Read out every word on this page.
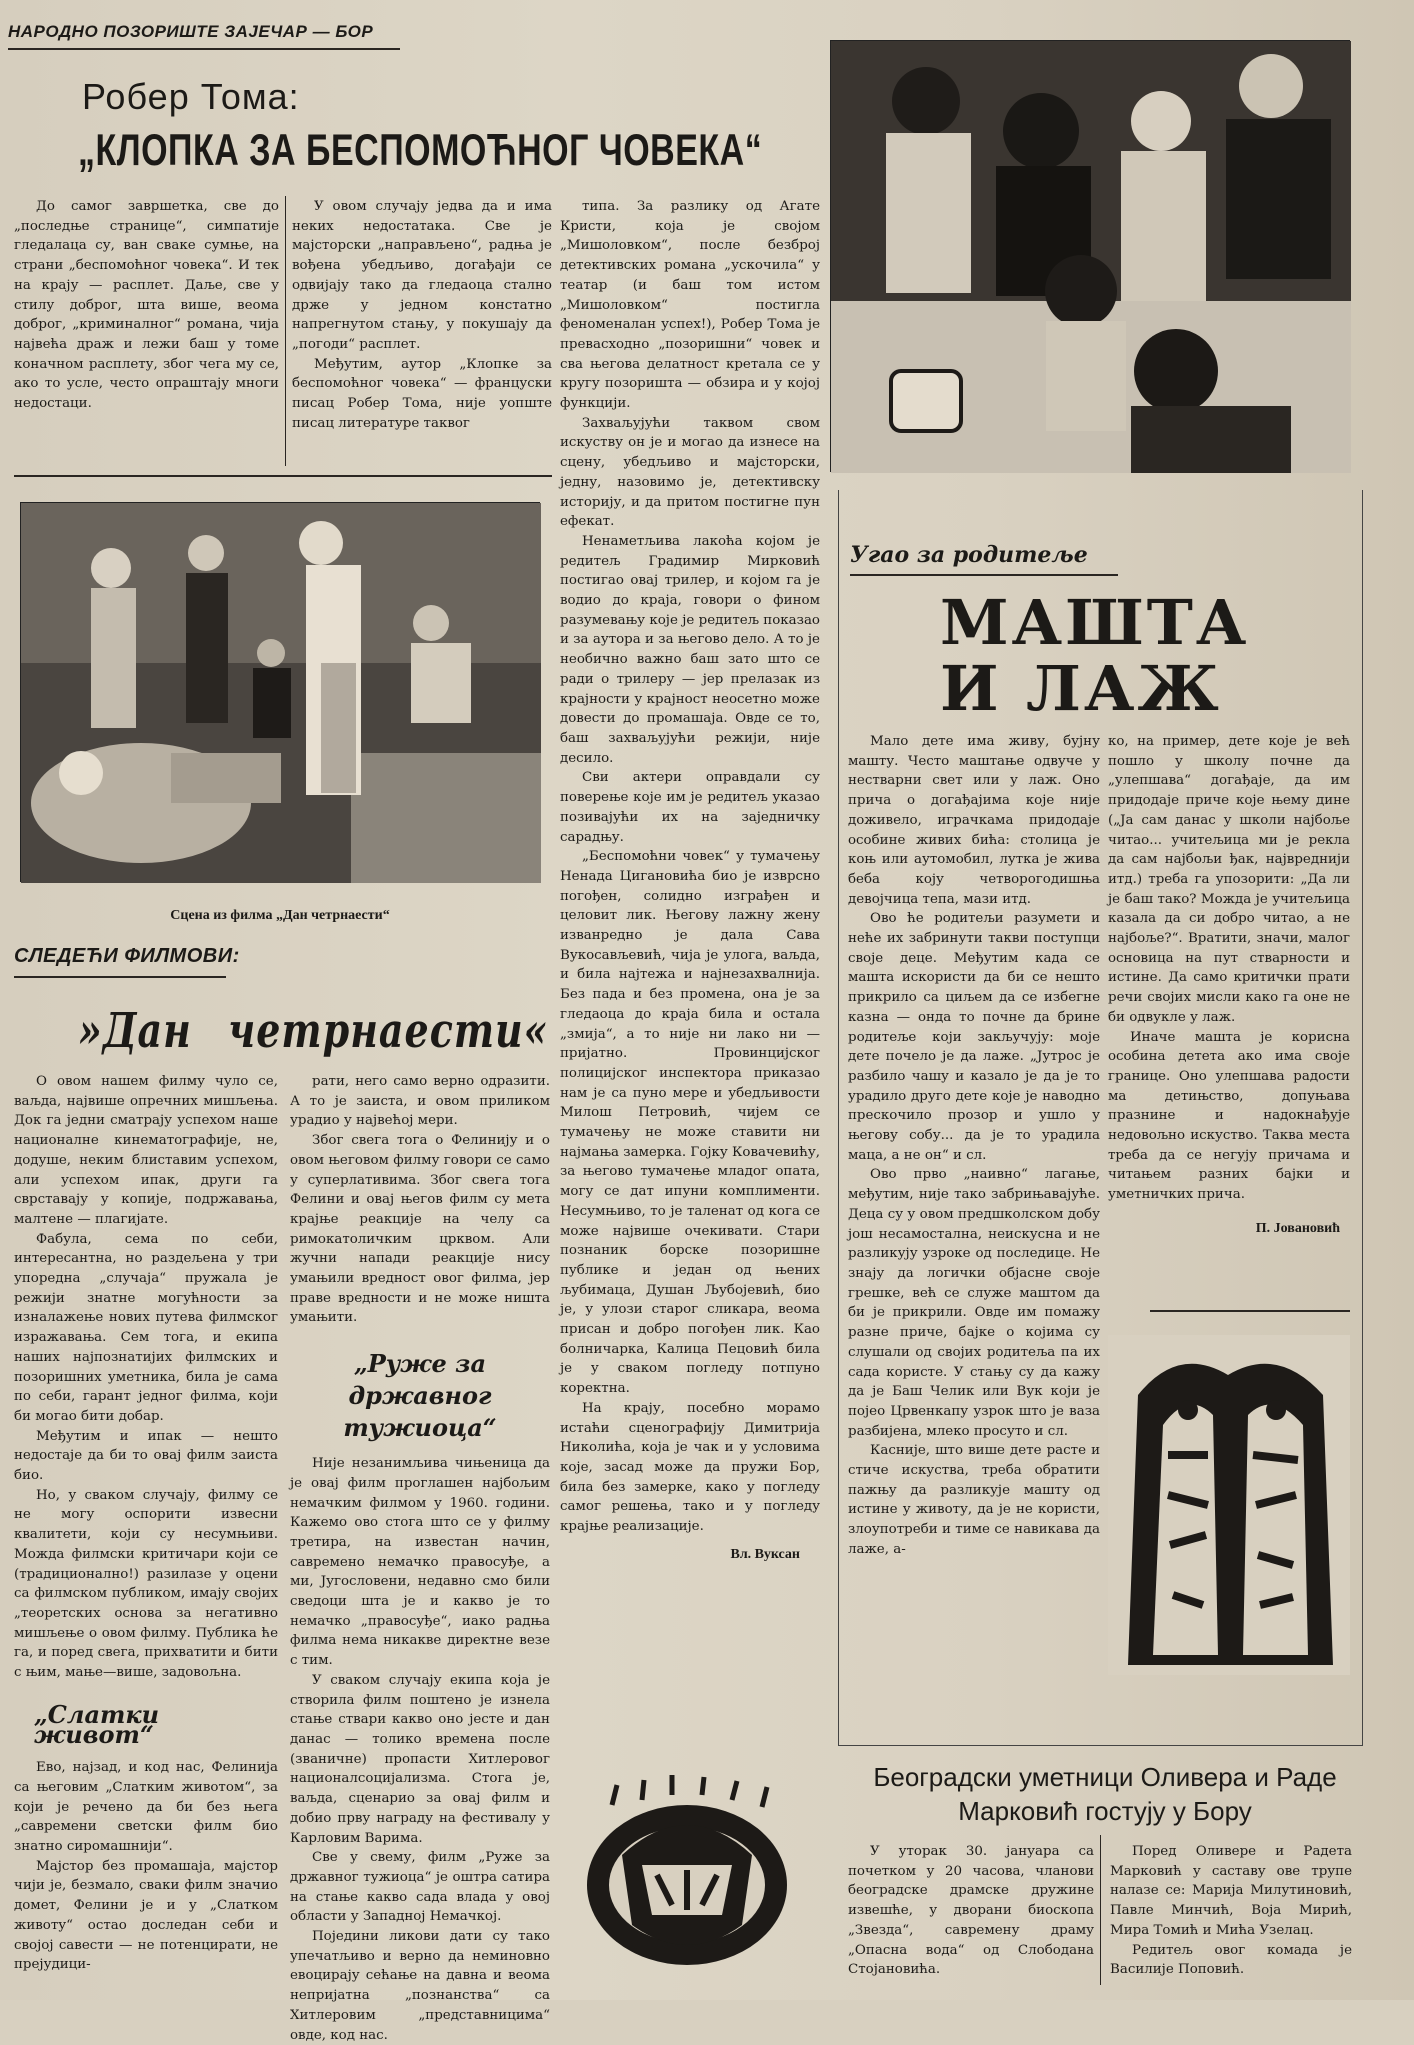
НАРОДНО ПОЗОРИШТЕ ЗАЈЕЧАР — БОР
Робер Тома:
„КЛОПКА ЗА БЕСПОМОЋНОГ ЧОВЕКА“

До самог завршетка, све до „последње странице“, симпатије гледалаца су, ван сваке сумње, на страни „беспомоћног човека“. И тек на крају — расплет. Даље, све у стилу доброг, шта више, веома доброг, „криминалног“ романа, чија највећа драж и лежи баш у томе коначном расплету, због чега му се, ако то усле, често опраштају многи недостаци.

У овом случају једва да и има неких недостатака. Све је мајсторски „направљено“, радња је вођена убедљиво, догађаји се одвијају тако да гледаоца стално држе у једном констатно напрегнутом стању, у покушају да „погоди“ расплет.

Међутим, аутор „Клопке за беспомоћног човека“ — француски писац Робер Тома, није уопште писац литературе таквог

типа. За разлику од Агате Кристи, која је својом „Мишоловком“, после безброј детективских романа „ускочила“ у театар (и баш том истом „Мишоловком“ постигла феноменалан успех!), Робер Тома је превасходно „позоришни“ човек и сва његова делатност кретала се у кругу позоришта — обзира и у којој функцији.

Захваљујући таквом свом искуству он је и могао да изнесе на сцену, убедљиво и мајсторски, једну, назовимо је, детективску историју, и да притом постигне пун ефекат.

Ненаметљива лакоћа којом је редитељ Градимир Мирковић постигао овај трилер, и којом га је водио до краја, говори о фином разумевању које је редитељ показао и за аутора и за његово дело. А то је необично важно баш зато што се ради о трилеру — јер прелазак из крајности у крајност неосетно може довести до промашаја. Овде се то, баш захваљујући режији, није десило.

Сви актери оправдали су поверење које им је редитељ указао позивајући их на заједничку сарадњу.

„Беспомоћни човек“ у тумачењу Ненада Цигановића био је изврсно погођен, солидно изграђен и целовит лик. Његову лажну жену изванредно је дала Сава Вукосављевић, чија је улога, ваљда, и била најтежа и најнезахвалнија. Без пада и без промена, она је за гледаоца до краја била и остала „змија“, а то није ни лако ни — пријатно. Провинцијског полицијског инспектора приказао нам је са пуно мере и убедљивости Милош Петровић, чијем се тумачењу не може ставити ни најмања замерка. Гојку Ковачевићу, за његово тумачење младог опата, могу се дат ипуни комплименти. Несумњиво, то је таленат од кога се може највише очекивати. Стари познаник борске позоришне публике и један од њених љубимаца, Душан Љубојевић, био је, у улози старог сликара, веома присан и добро погођен лик. Као болничарка, Калица Пецовић била је у сваком погледу потпуно коректна.

На крају, посебно морамо истаћи сценографију Димитрија Николића, која је чак и у условима које, засад може да пружи Бор, била без замерке, како у погледу самог решења, тако и у погледу крајње реализације.

Вл. Вуксан
Сцена из филма „Дан четрнаести“
СЛЕДЕЋИ ФИЛМОВИ:
»Дан четрнаести«

О овом нашем филму чуло се, ваљда, највише опречних мишљења. Док га једни сматрају успехом наше националне кинематографије, не, додуше, неким блиставим успехом, али успехом ипак, други га сврставају у копије, подржавања, малтене — плагијате.

Фабула, сема по себи, интересантна, но раздељена у три упоредна „случаја“ пружала је режији знатне могућности за изналажење нових путева филмског изражавања. Сем тога, и екипа наших најпознатијих филмских и позоришних уметника, била је сама по себи, гарант једног филма, који би могао бити добар.

Међутим и ипак — нешто недостаје да би то овај филм заиста био.

Но, у сваком случају, филму се не могу оспорити извесни квалитети, који су несумњиви. Можда филмски критичари који се (традиционално!) разилазе у оцени са филмском публиком, имају својих „теоретских основа за негативно мишљење о овом филму. Публика ће га, и поред свега, прихватити и бити с њим, мање—више, задовољна.

„Слатки живот“

Ево, најзад, и код нас, Фелинија са његовим „Слатким животом“, за који је речено да би без њега „савремени светски филм био знатно сиромашнији“.

Мајстор без промашаја, мајстор чији је, безмало, сваки филм значио домет, Фелини је и у „Слатком животу“ остао доследан себи и својој савести — не потенцирати, не прејудици-

рати, него само верно одразити. А то је заиста, и овом приликом урадио у највећој мери.

Због свега тога о Фелинију и о овом његовом филму говори се само у суперлативима. Због свега тога Фелини и овај његов филм су мета крајње реакције на челу са римокатоличким црквом. Али жучни напади реакције нису умањили вредност овог филма, јер праве вредности и не може ништа умањити.

„Руже за државног тужиоца“

Није незанимљива чињеница да је овај филм проглашен најбољим немачким филмом у 1960. години. Кажемо ово стога што се у филму третира, на известан начин, савремено немачко правосуђе, а ми, Југословени, недавно смо били сведоци шта је и какво је то немачко „правосуђе“, иако радња филма нема никакве директне везе с тим.

У сваком случају екипа која је створила филм поштено је изнела стање ствари какво оно јесте и дан данас — толико времена после (званичне) пропасти Хитлеровог националсоцијализма. Стога је, ваљда, сценарио за овај филм и добио прву награду на фестивалу у Карловим Варима.

Све у свему, филм „Руже за државног тужиоца“ је оштра сатира на стање какво сада влада у овој области у Западној Немачкој.

Поједини ликови дати су тако упечатљиво и верно да неминовно евоцирају сећање на давна и веома непријатна „познанства“ са Хитлеровим „представницима“ овде, код нас.

Угао за родитеље
МАШТА
И ЛАЖ

Мало дете има живу, бујну машту. Често маштање одвуче у нестварни свет или у лаж. Оно прича о догађајима које није доживело, играчкама придодаје особине живих бића: столица је коњ или аутомобил, лутка је жива беба коју четворогодишња девојчица тепа, мази итд.

Ово ће родитељи разумети и неће их забринути такви поступци своје деце. Међутим када се машта искористи да би се нешто прикрило са циљем да се избегне казна — онда то почне да брине родитеље који закључују: моје дете почело је да лаже. „Јутрос је разбило чашу и казало је да је то урадило друго дете које је наводно прескочило прозор и ушло у његову собу... да је то урадила маца, а не он“ и сл.

Ово прво „наивно“ лагање, међутим, није тако забрињавајуће. Деца су у овом предшколском добу још несамостална, неискусна и не разликују узроке од последице. Не знају да логички објасне своје грешке, већ се служе маштом да би је прикрили. Овде им помажу разне приче, бајке о којима су слушали од својих родитеља па их сада користе. У стању су да кажу да је Баш Челик или Вук који је појео Црвенкапу узрок што је ваза разбијена, млеко просуто и сл.

Касније, што више дете расте и стиче искуства, треба обратити пажњу да разликује машту од истине у животу, да је не користи, злоупотреби и тиме се навикава да лаже, а-

ко, на пример, дете које је већ пошло у школу почне да „улепшава“ догађаје, да им придодаје приче које њему дине („Ја сам данас у школи најбоље читао... учитељица ми је рекла да сам најбољи ђак, највреднији итд.) треба га упозорити: „Да ли је баш тако? Можда је учитељица казала да си добро читао, а не најбоље?“. Вратити, значи, малог основица на пут стварности и истине. Да само критички прати речи својих мисли како га оне не би одвукле у лаж.

Иначе машта је корисна особина детета ако има своје границе. Оно улепшава радости ма детињство, допуњава празнине и надокнађује недовољно искуство. Таква места треба да се негују причама и читањем разних бајки и уметничких прича.

П. Јовановић
Београдски уметници Оливера и Раде
Марковић гостују у Бору

У уторак 30. јануара са почетком у 20 часова, чланови београдске драмске дружине извешће, у дворани биоскопа „Звезда“, савремену драму „Опасна вода“ од Слободана Стојановића.

Поред Оливере и Радета Марковић у саставу ове трупе налазе се: Марија Милутиновић, Павле Минчић, Воја Мирић, Мира Томић и Мића Узелац.

Редитељ овог комада је Василије Поповић.
